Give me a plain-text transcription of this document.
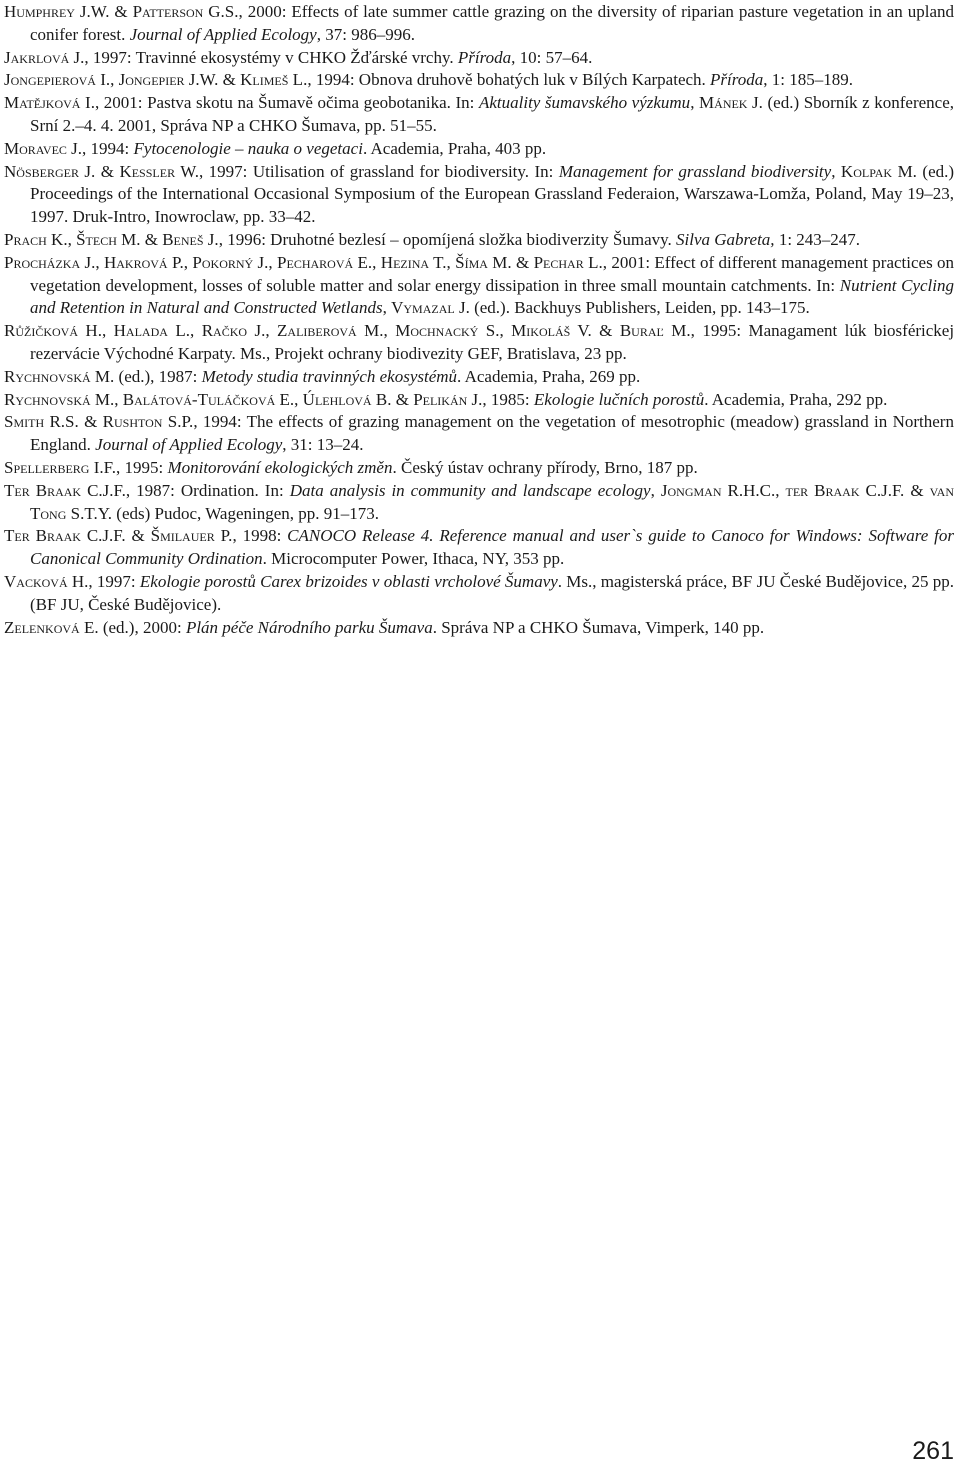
Humphrey J.W. & Patterson G.S., 2000: Effects of late summer cattle grazing on the diversity of riparian pasture vegetation in an upland conifer forest. Journal of Applied Ecology, 37: 986–996.

Jakrlová J., 1997: Travinné ekosystémy v CHKO Žďárské vrchy. Příroda, 10: 57–64.

Jongepierová I., Jongepier J.W. & Klimeš L., 1994: Obnova druhově bohatých luk v Bílých Karpatech. Příroda, 1: 185–189.

Matějková I., 2001: Pastva skotu na Šumavě očima geobotanika. In: Aktuality šumavského výzkumu, Mánek J. (ed.) Sborník z konference, Srní 2.–4. 4. 2001, Správa NP a CHKO Šumava, pp. 51–55.

Moravec J., 1994: Fytocenologie – nauka o vegetaci. Academia, Praha, 403 pp.

Nösberger J. & Kessler W., 1997: Utilisation of grassland for biodiversity. In: Management for grassland biodiversity, Kolpak M. (ed.) Proceedings of the International Occasional Symposium of the European Grassland Federaion, Warszawa-Lomža, Poland, May 19–23, 1997. Druk-Intro, Inowroclaw, pp. 33–42.

Prach K., Štech M. & Beneš J., 1996: Druhotné bezlesí – opomíjená složka biodiverzity Šumavy. Silva Gabreta, 1: 243–247.

Procházka J., Hakrová P., Pokorný J., Pecharová E., Hezina T., Šíma M. & Pechar L., 2001: Effect of different management practices on vegetation development, losses of soluble matter and solar energy dissipation in three small mountain catchments. In: Nutrient Cycling and Retention in Natural and Constructed Wetlands, Vymazal J. (ed.). Backhuys Publishers, Leiden, pp. 143–175.

Růžičková H., Halada L., Račko J., Zaliberová M., Mochnacký S., Mikoláš V. & Buraľ M., 1995: Managament lúk biosférickej rezervácie Východné Karpaty. Ms., Projekt ochrany biodivezity GEF, Bratislava, 23 pp.

Rychnovská M. (ed.), 1987: Metody studia travinných ekosystémů. Academia, Praha, 269 pp.

Rychnovská M., Balátová-Tuláčková E., Úlehlová B. & Pelikán J., 1985: Ekologie lučních porostů. Academia, Praha, 292 pp.

Smith R.S. & Rushton S.P., 1994: The effects of grazing management on the vegetation of mesotrophic (meadow) grassland in Northern England. Journal of Applied Ecology, 31: 13–24.

Spellerberg I.F., 1995: Monitorování ekologických změn. Český ústav ochrany přírody, Brno, 187 pp.

Ter Braak C.J.F., 1987: Ordination. In: Data analysis in community and landscape ecology, Jongman R.H.C., ter Braak C.J.F. & van Tong S.T.Y. (eds) Pudoc, Wageningen, pp. 91–173.

Ter Braak C.J.F. & Šmilauer P., 1998: CANOCO Release 4. Reference manual and user`s guide to Canoco for Windows: Software for Canonical Community Ordination. Microcomputer Power, Ithaca, NY, 353 pp.

Vacková H., 1997: Ekologie porostů Carex brizoides v oblasti vrcholové Šumavy. Ms., magisterská práce, BF JU České Budějovice, 25 pp. (BF JU, České Budějovice).

Zelenková E. (ed.), 2000: Plán péče Národního parku Šumava. Správa NP a CHKO Šumava, Vimperk, 140 pp.

261
